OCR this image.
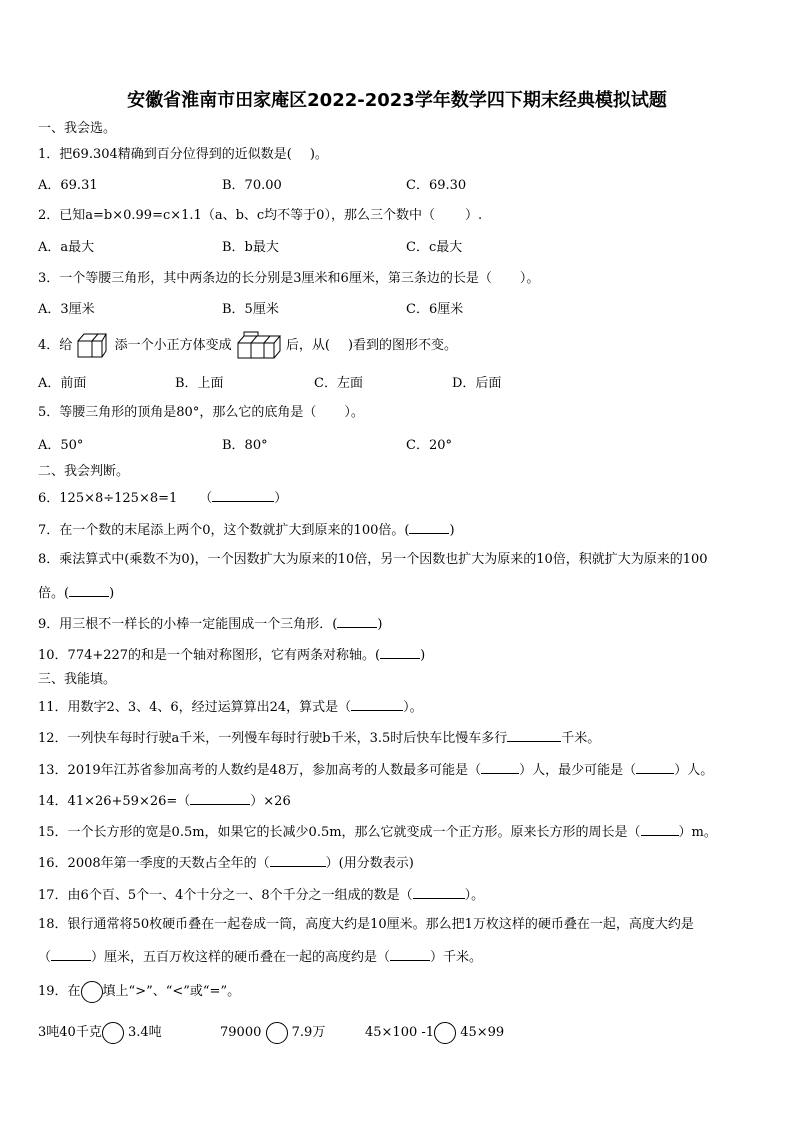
安徽省淮南市田家庵区2022-2023学年数学四下期末经典模拟试题
一、我会选。
1．把69.304精确到百分位得到的近似数是( )。
A．69.31	B．70.00	C．69.30
2．已知a=b×0.99=c×1.1（a、b、c均不等于0），那么三个数中（ ）.
A．a最大	B．b最大	C．c最大
3．一个等腰三角形，其中两条边的长分别是3厘米和6厘米，第三条边的长是（ ）。
A．3厘米	B．5厘米	C．6厘米
4．给	添一个小正方体变成	后，从( )看到的图形不变。
A．前面	B．上面	C．左面	D．后面
5．等腰三角形的顶角是80°，那么它的底角是（ ）。
A．50°	B．80°	C．20°
二、我会判断。
6．125×8÷125×8=1 （	）
7．在一个数的末尾添上两个0，这个数就扩大到原来的100倍。(	)
8．乘法算式中(乘数不为0)，一个因数扩大为原来的10倍，另一个因数也扩大为原来的10倍，积就扩大为原来的100
倍。(	)
9．用三根不一样长的小棒一定能围成一个三角形．(	)
10．774+227的和是一个轴对称图形，它有两条对称轴。(	)
三、我能填。
11．用数字2、3、4、6，经过运算算出24，算式是（	）。
12．一列快车每时行驶a千米，一列慢车每时行驶b千米，3.5时后快车比慢车多行	千米。
13．2019年江苏省参加高考的人数约是48万，参加高考的人数最多可能是（	）人，最少可能是（	）人。
14．41×26+59×26=（	）×26
15．一个长方形的宽是0.5m，如果它的长减少0.5m，那么它就变成一个正方形。原来长方形的周长是（	）m。
16．2008年第一季度的天数占全年的（	）(用分数表示)
17．由6个百、5个一、4个十分之一、8个千分之一组成的数是（	）。
18．银行通常将50枚硬币叠在一起卷成一筒，高度大约是10厘米。那么把1万枚这样的硬币叠在一起，高度大约是
（	）厘米，五百万枚这样的硬币叠在一起的高度约是（	）千米。
19．在 填上“>”、“<”或“=”。
3吨40千克 3.4吨	79000 7.9万	45×100 -1 45×99
